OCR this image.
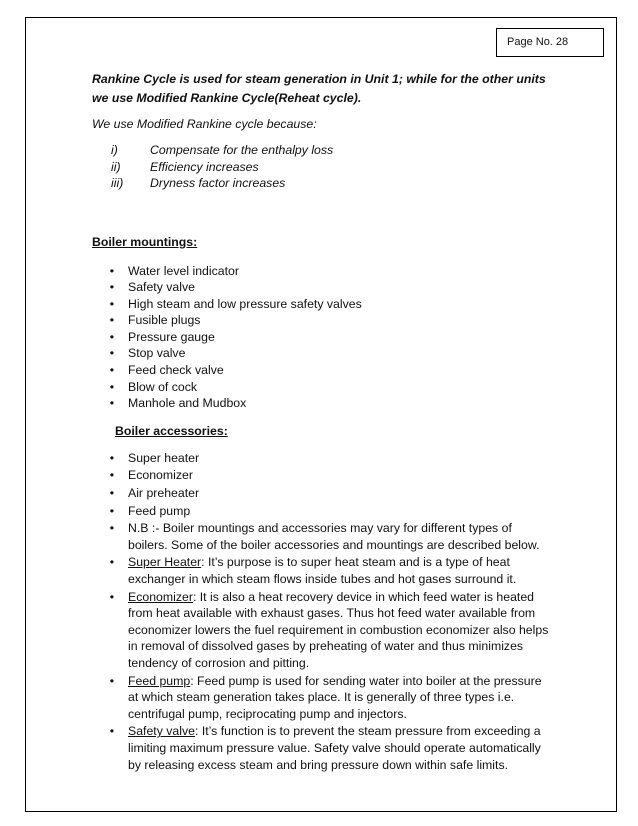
Page No. 28

Rankine Cycle is used for steam generation in Unit 1; while for the other units we use Modified Rankine Cycle(Reheat cycle).

We use Modified Rankine cycle because:

i)	Compensate for the enthalpy loss
ii)	Efficiency increases
iii)	Dryness factor increases

Boiler mountings:

•	Water level indicator
•	Safety valve
•	High steam and low pressure safety valves
•	Fusible plugs
•	Pressure gauge
•	Stop valve
•	Feed check valve
•	Blow of cock
•	Manhole and Mudbox

Boiler accessories:

•	Super heater
•	Economizer
•	Air preheater
•	Feed pump
•	N.B :- Boiler mountings and accessories may vary for different types of boilers. Some of the boiler accessories and mountings are described below.
•	Super Heater: It’s purpose is to super heat steam and is a type of heat exchanger in which steam flows inside tubes and hot gases surround it.
•	Economizer: It is also a heat recovery device in which feed water is heated from heat available with exhaust gases. Thus hot feed water available from economizer lowers the fuel requirement in combustion economizer also helps in removal of dissolved gases by preheating of water and thus minimizes tendency of corrosion and pitting.
•	Feed pump: Feed pump is used for sending water into boiler at the pressure at which steam generation takes place. It is generally of three types i.e. centrifugal pump, reciprocating pump and injectors.
•	Safety valve: It’s function is to prevent the steam pressure from exceeding a limiting maximum pressure value. Safety valve should operate automatically by releasing excess steam and bring pressure down within safe limits.
